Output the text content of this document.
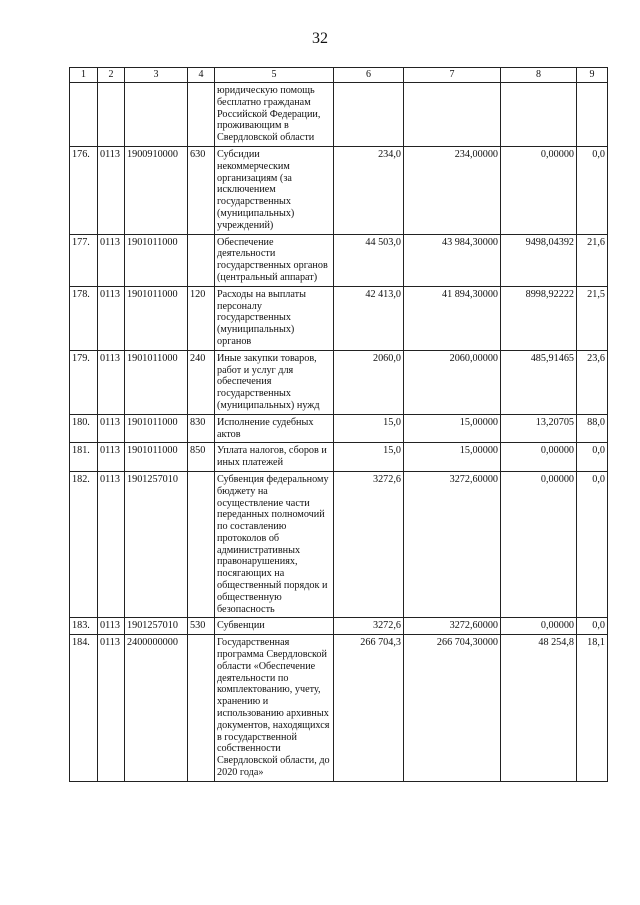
32
1	2	3	4	5	6	7	8	9
				юридическую помощь бесплатно гражданам Российской Федерации, проживающим в Свердловской области				
176.	0113	1900910000	630	Субсидии некоммерческим организациям (за исключением государственных (муниципальных) учреждений)	234,0	234,00000	0,00000	0,0
177.	0113	1901011000		Обеспечение деятельности государственных органов (центральный аппарат)	44 503,0	43 984,30000	9498,04392	21,6
178.	0113	1901011000	120	Расходы на выплаты персоналу государственных (муниципальных) органов	42 413,0	41 894,30000	8998,92222	21,5
179.	0113	1901011000	240	Иные закупки товаров, работ и услуг для обеспечения государственных (муниципальных) нужд	2060,0	2060,00000	485,91465	23,6
180.	0113	1901011000	830	Исполнение судебных актов	15,0	15,00000	13,20705	88,0
181.	0113	1901011000	850	Уплата налогов, сборов и иных платежей	15,0	15,00000	0,00000	0,0
182.	0113	1901257010		Субвенция федеральному бюджету на осуществление части переданных полномочий по составлению протоколов об административных правонарушениях, посягающих на общественный порядок и общественную безопасность	3272,6	3272,60000	0,00000	0,0
183.	0113	1901257010	530	Субвенции	3272,6	3272,60000	0,00000	0,0
184.	0113	2400000000		Государственная программа Свердловской области «Обеспечение деятельности по комплектованию, учету, хранению и использованию архивных документов, находящихся в государственной собственности Свердловской области, до 2020 года»	266 704,3	266 704,30000	48 254,8	18,1
